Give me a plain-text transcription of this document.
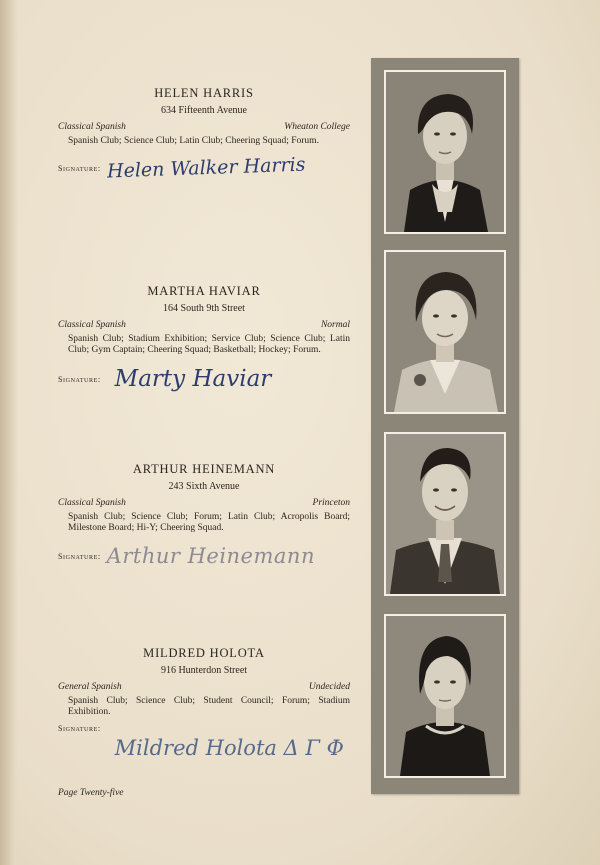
HELEN HARRIS

634 Fifteenth Avenue
Classical Spanish	Wheaton College
Spanish Club; Science Club; Latin Club; Cheering Squad; Forum.
Signature: Helen Walker Harris

MARTHA HAVIAR

164 South 9th Street
Classical Spanish	Normal
Spanish Club; Stadium Exhibition; Service Club; Science Club; Latin Club; Gym Captain; Cheering Squad; Basketball; Hockey; Forum.
Signature: Marty Haviar

ARTHUR HEINEMANN

243 Sixth Avenue
Classical Spanish	Princeton
Spanish Club; Science Club; Forum; Latin Club; Acropolis Board; Milestone Board; Hi-Y; Cheering Squad.
Signature: Arthur Heinemann

MILDRED HOLOTA

916 Hunterdon Street
General Spanish	Undecided
Spanish Club; Science Club; Student Council; Forum; Stadium Exhibition.
Signature:
Mildred Holota Δ Γ Φ
Page Twenty-five
